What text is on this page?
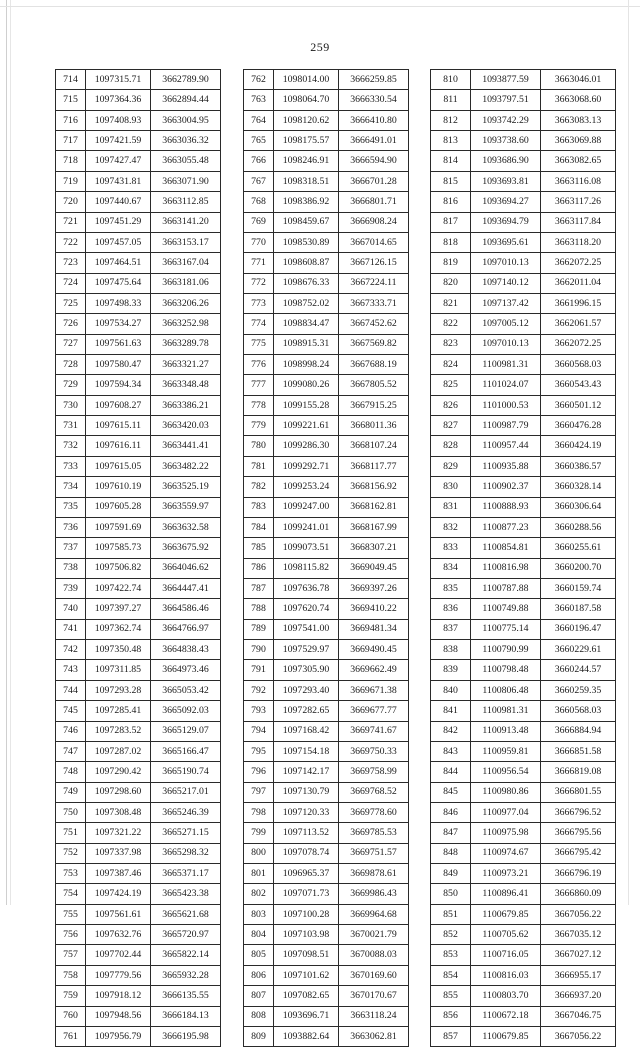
259
714	1097315.71	3662789.90
715	1097364.36	3662894.44
716	1097408.93	3663004.95
717	1097421.59	3663036.32
718	1097427.47	3663055.48
719	1097431.81	3663071.90
720	1097440.67	3663112.85
721	1097451.29	3663141.20
722	1097457.05	3663153.17
723	1097464.51	3663167.04
724	1097475.64	3663181.06
725	1097498.33	3663206.26
726	1097534.27	3663252.98
727	1097561.63	3663289.78
728	1097580.47	3663321.27
729	1097594.34	3663348.48
730	1097608.27	3663386.21
731	1097615.11	3663420.03
732	1097616.11	3663441.41
733	1097615.05	3663482.22
734	1097610.19	3663525.19
735	1097605.28	3663559.97
736	1097591.69	3663632.58
737	1097585.73	3663675.92
738	1097506.82	3664046.62
739	1097422.74	3664447.41
740	1097397.27	3664586.46
741	1097362.74	3664766.97
742	1097350.48	3664838.43
743	1097311.85	3664973.46
744	1097293.28	3665053.42
745	1097285.41	3665092.03
746	1097283.52	3665129.07
747	1097287.02	3665166.47
748	1097290.42	3665190.74
749	1097298.60	3665217.01
750	1097308.48	3665246.39
751	1097321.22	3665271.15
752	1097337.98	3665298.32
753	1097387.46	3665371.17
754	1097424.19	3665423.38
755	1097561.61	3665621.68
756	1097632.76	3665720.97
757	1097702.44	3665822.14
758	1097779.56	3665932.28
759	1097918.12	3666135.55
760	1097948.56	3666184.13
761	1097956.79	3666195.98
762	1098014.00	3666259.85
763	1098064.70	3666330.54
764	1098120.62	3666410.80
765	1098175.57	3666491.01
766	1098246.91	3666594.90
767	1098318.51	3666701.28
768	1098386.92	3666801.71
769	1098459.67	3666908.24
770	1098530.89	3667014.65
771	1098608.87	3667126.15
772	1098676.33	3667224.11
773	1098752.02	3667333.71
774	1098834.47	3667452.62
775	1098915.31	3667569.82
776	1098998.24	3667688.19
777	1099080.26	3667805.52
778	1099155.28	3667915.25
779	1099221.61	3668011.36
780	1099286.30	3668107.24
781	1099292.71	3668117.77
782	1099253.24	3668156.92
783	1099247.00	3668162.81
784	1099241.01	3668167.99
785	1099073.51	3668307.21
786	1098115.82	3669049.45
787	1097636.78	3669397.26
788	1097620.74	3669410.22
789	1097541.00	3669481.34
790	1097529.97	3669490.45
791	1097305.90	3669662.49
792	1097293.40	3669671.38
793	1097282.65	3669677.77
794	1097168.42	3669741.67
795	1097154.18	3669750.33
796	1097142.17	3669758.99
797	1097130.79	3669768.52
798	1097120.33	3669778.60
799	1097113.52	3669785.53
800	1097078.74	3669751.57
801	1096965.37	3669878.61
802	1097071.73	3669986.43
803	1097100.28	3669964.68
804	1097103.98	3670021.79
805	1097098.51	3670088.03
806	1097101.62	3670169.60
807	1097082.65	3670170.67
808	1093696.71	3663118.24
809	1093882.64	3663062.81
810	1093877.59	3663046.01
811	1093797.51	3663068.60
812	1093742.29	3663083.13
813	1093738.60	3663069.88
814	1093686.90	3663082.65
815	1093693.81	3663116.08
816	1093694.27	3663117.26
817	1093694.79	3663117.84
818	1093695.61	3663118.20
819	1097010.13	3662072.25
820	1097140.12	3662011.04
821	1097137.42	3661996.15
822	1097005.12	3662061.57
823	1097010.13	3662072.25
824	1100981.31	3660568.03
825	1101024.07	3660543.43
826	1101000.53	3660501.12
827	1100987.79	3660476.28
828	1100957.44	3660424.19
829	1100935.88	3660386.57
830	1100902.37	3660328.14
831	1100888.93	3660306.64
832	1100877.23	3660288.56
833	1100854.81	3660255.61
834	1100816.98	3660200.70
835	1100787.88	3660159.74
836	1100749.88	3660187.58
837	1100775.14	3660196.47
838	1100790.99	3660229.61
839	1100798.48	3660244.57
840	1100806.48	3660259.35
841	1100981.31	3660568.03
842	1100913.48	3666884.94
843	1100959.81	3666851.58
844	1100956.54	3666819.08
845	1100980.86	3666801.55
846	1100977.04	3666796.52
847	1100975.98	3666795.56
848	1100974.67	3666795.42
849	1100973.21	3666796.19
850	1100896.41	3666860.09
851	1100679.85	3667056.22
852	1100705.62	3667035.12
853	1100716.05	3667027.12
854	1100816.03	3666955.17
855	1100803.70	3666937.20
856	1100672.18	3667046.75
857	1100679.85	3667056.22
